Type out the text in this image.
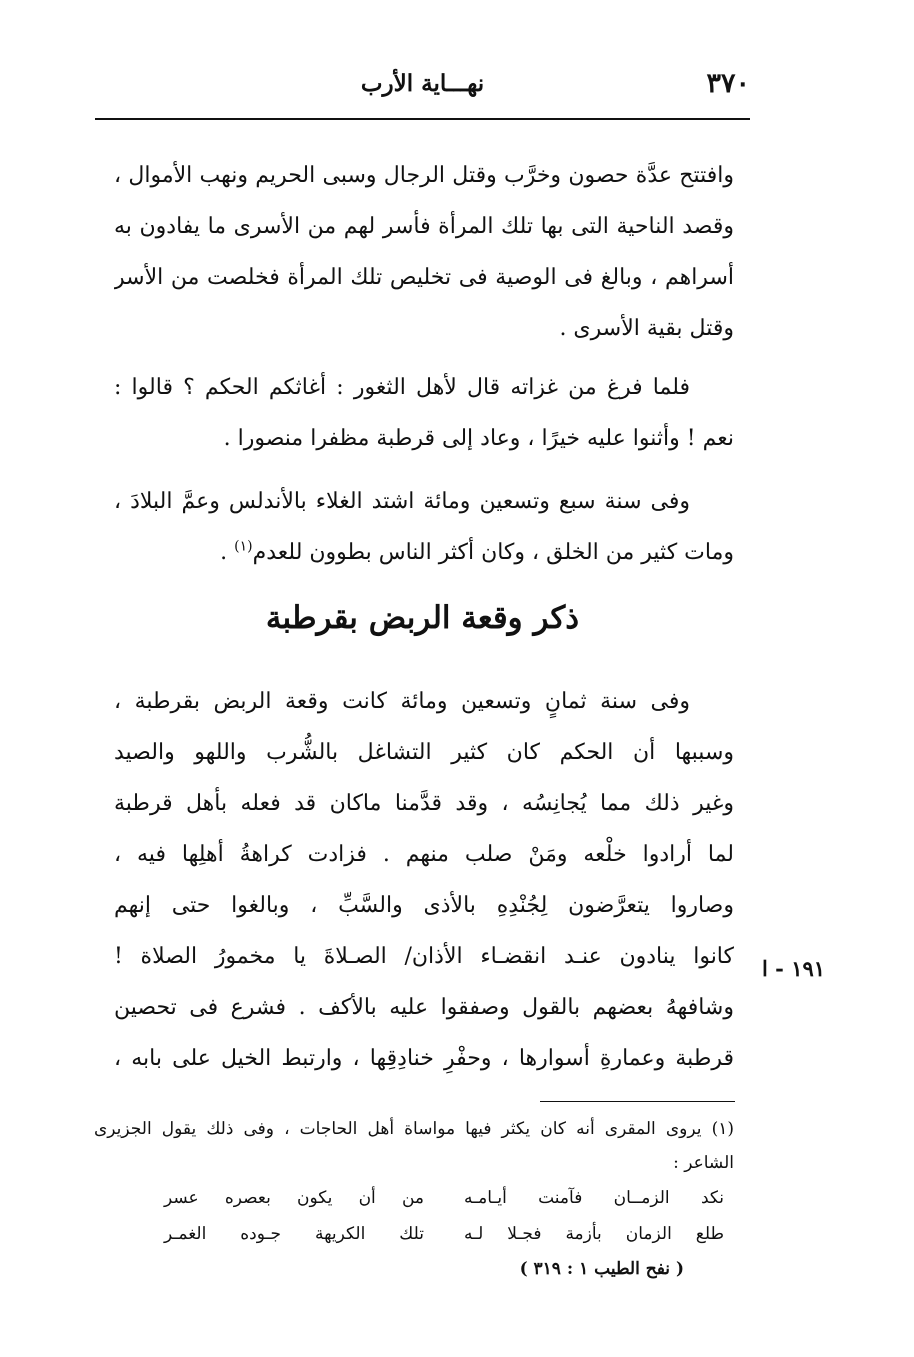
٣٧٠
نهـــاية الأرب
وافتتح عدَّة حصون وخرَّب وقتل الرجال وسبى الحريم ونهب الأموال ،
وقصد الناحية التى بها تلك المرأة فأسر لهم من الأسرى ما يفادون به
أسراهم ، وبالغ فى الوصية فى تخليص تلك المرأة فخلصت من الأسر
وقتل بقية الأسرى .
فلما فرغ من غزاته قال لأهل الثغور : أغاثكم الحكم ؟ قالوا :
نعم ! وأثنوا عليه خيرًا ، وعاد إلى قرطبة مظفرا منصورا .
وفى سنة سبع وتسعين ومائة اشتد الغلاء بالأندلس وعمَّ البلادَ ،
ومات كثير من الخلق ، وكان أكثر الناس بطوون للعدم$^{(١)}$ .
ذكر وقعة الربض بقرطبة
وفى سنة ثمانٍ وتسعين ومائة كانت وقعة الربض بقرطبة ،
وسببها أن الحكم كان كثير التشاغل بالشُّرب واللهو والصيد
وغير ذلك مما يُجانِسُه ، وقد قدَّمنا ماكان قد فعله بأهل قرطبة
لما أرادوا خلْعه ومَنْ صلب منهم . فزادت كراهةُ أهلِها فيه ،
وصاروا يتعرَّضون لِجُنْدِهِ بالأذى والسَّبِّ ، وبالغوا حتى إنهم
كانوا ينادون عنـد انقضـاء الأذان/ الصـلاةَ يا مخمورُ الصلاة !
وشافههُ بعضهم بالقول وصفقوا عليه بالأكف . فشرع فى تحصين
قرطبة وعمارةِ أسوارها ، وحفْرِ خنادِقِها ، وارتبط الخيل على بابه ،
١٩١ - ا
(١) يروى المقرى أنه كان يكثر فيها مواساة أهل الحاجات ، وفى ذلك يقول الجزيرى
الشاعر :
نكد الزمــان فآمنت أيـامـه
من أن يكون بعصره عسر
طلع الزمان بأزمة فجـلا لـه
تلك الكريهة جـوده الغمـر
( نفح الطيب ١ : ٣١٩ )
